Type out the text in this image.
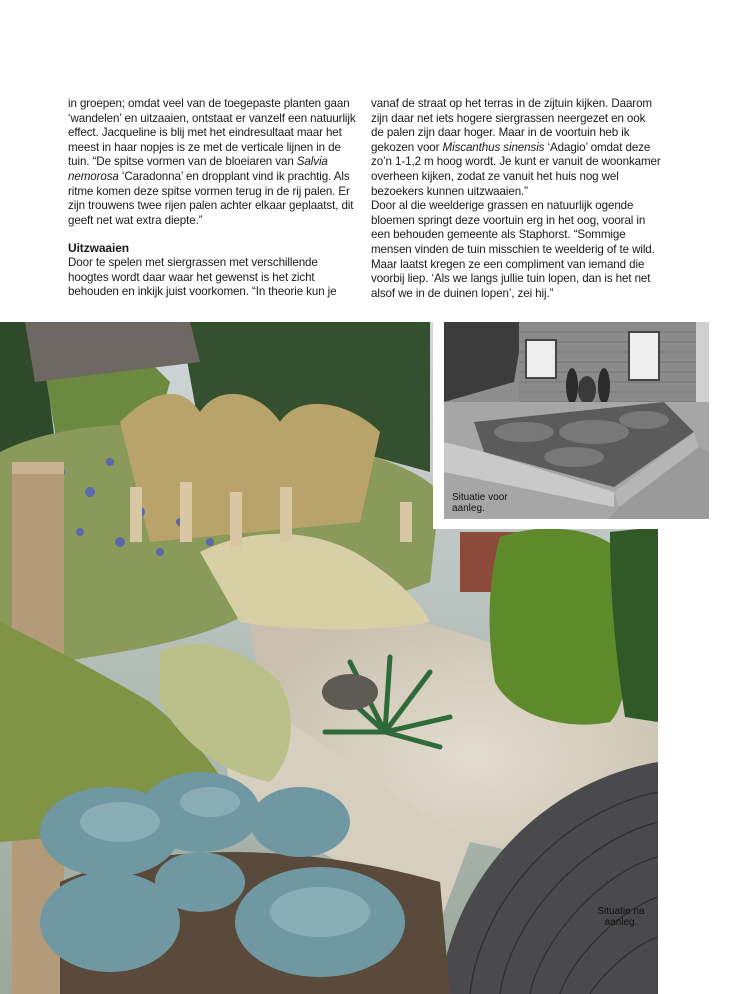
in groepen; omdat veel van de toegepaste planten gaan ‘wandelen’ en uitzaaien, ontstaat er vanzelf een natuurlijk effect. Jacqueline is blij met het eindresultaat maar het meest in haar nopjes is ze met de verticale lijnen in de tuin. “De spitse vormen van de bloeiaren van Salvia nemorosa ‘Caradonna’ en dropplant vind ik prachtig. Als ritme komen deze spitse vormen terug in de rij palen. Er zijn trouwens twee rijen palen achter elkaar geplaatst, dit geeft net wat extra diepte.”

Uitzwaaien

Door te spelen met siergrassen met verschillende hoogtes wordt daar waar het gewenst is het zicht behouden en inkijk juist voorkomen. “In theorie kun je

vanaf de straat op het terras in de zijtuin kijken. Daarom zijn daar net iets hogere siergrassen neergezet en ook de palen zijn daar hoger. Maar in de voortuin heb ik gekozen voor Miscanthus sinensis ‘Adagio’ omdat deze zo’n 1-1,2 m hoog wordt. Je kunt er vanuit de woonkamer overheen kijken, zodat ze vanuit het huis nog wel bezoekers kunnen uitzwaaien.”

Door al die weelderige grassen en natuurlijk ogende bloemen springt deze voortuin erg in het oog, vooral in een behouden gemeente als Staphorst. “Sommige mensen vinden de tuin misschien te weelderig of te wild. Maar laatst kregen ze een compliment van iemand die voorbij liep. ‘Als we langs jullie tuin lopen, dan is het net alsof we in de duinen lopen’, zei hij.”

Situatie voor aanleg.
Situatie na aanleg.
